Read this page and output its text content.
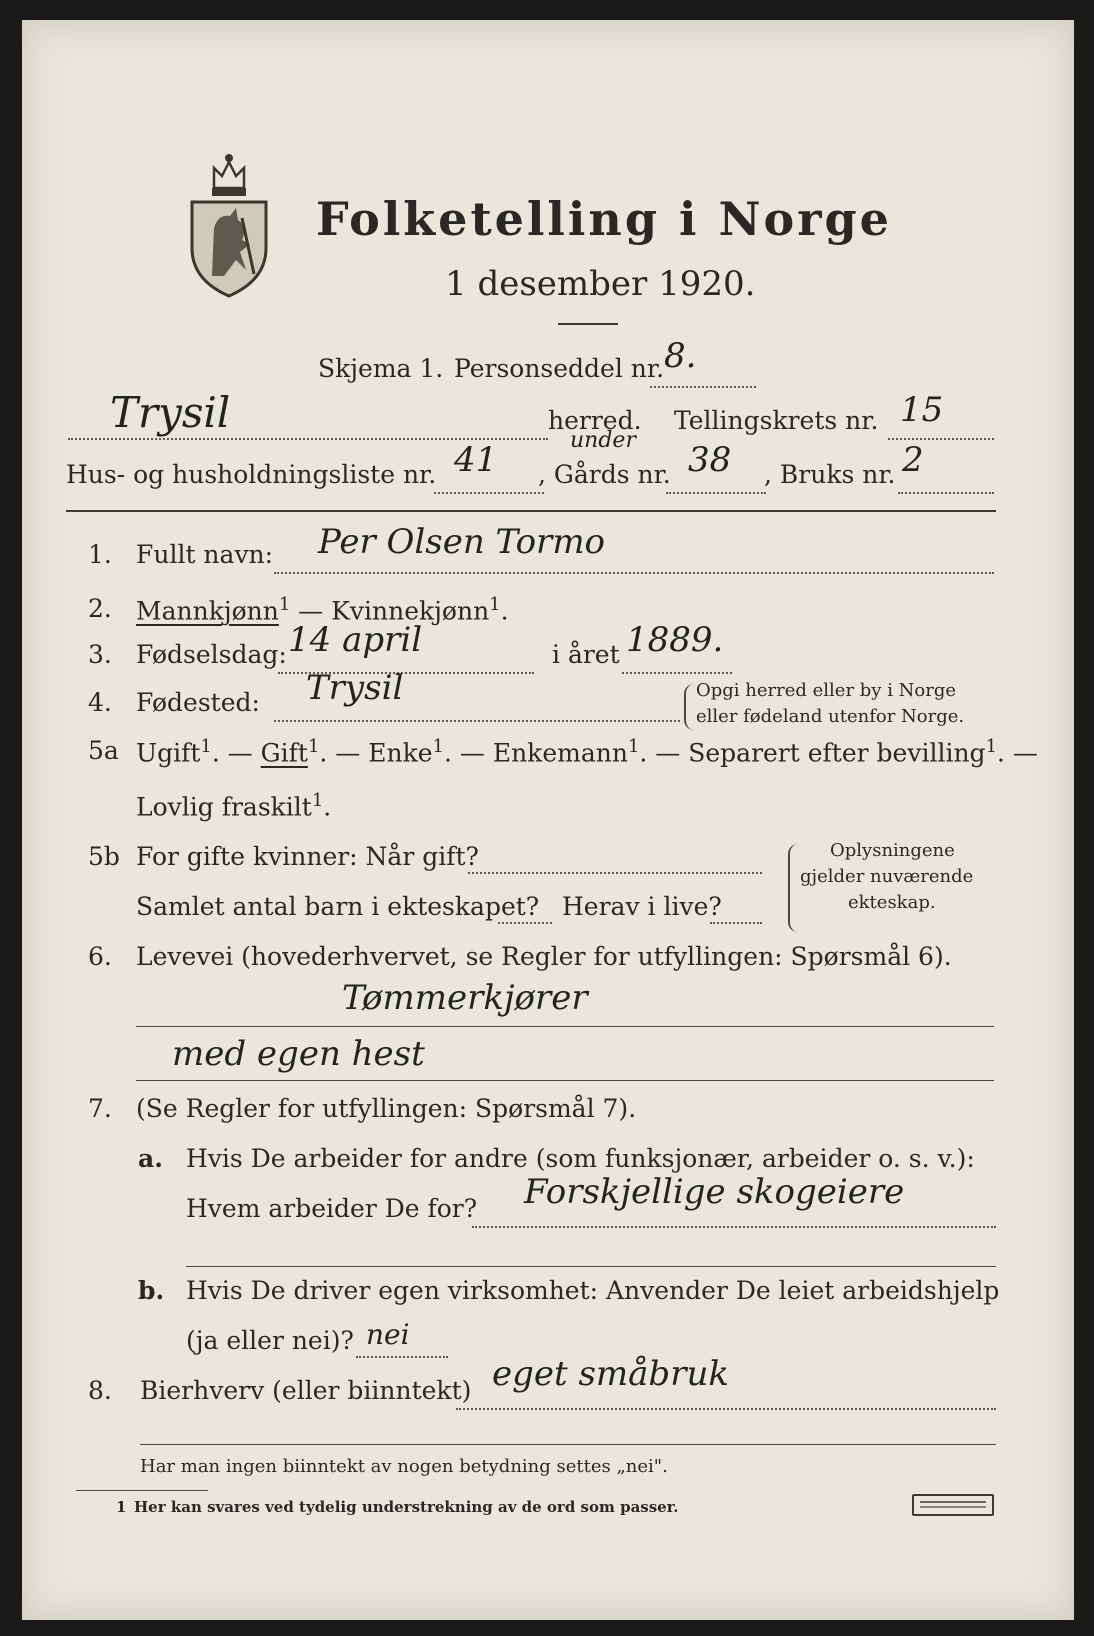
Folketelling i Norge
1 desember 1920.
Skjema 1. Personseddel nr. 8.
Trysil	herred. Tellingskrets nr. 15
Hus- og husholdningsliste nr. 41 , Gårds nr.
under 38 , Bruks nr. 2
1. Fullt navn: Per Olsen Tormo
2. Mannkjønn$^1$ — Kvinnekjønn$^1$.
3. Fødselsdag: 14 april	i året 1889.
4. Fødested: Trysil	Opgi herred eller by i Norge
eller fødeland utenfor Norge.
5a Ugift$^1$. — Gift$^1$. — Enke$^1$. — Enkemann$^1$. — Separert efter bevilling$^1$. —
Lovlig fraskilt$^1$.
5b For gifte kvinner: Når gift?
Samlet antal barn i ekteskapet? Herav i live?
Oplysningene
gjelder nuværende
ekteskap.
6. Levevei (hovederhvervet, se Regler for utfyllingen: Spørsmål 6).
Tømmerkjører
med egen hest
7. (Se Regler for utfyllingen: Spørsmål 7).
a. Hvis De arbeider for andre (som funksjonær, arbeider o. s. v.):
Hvem arbeider De for? Forskjellige skogeiere
b. Hvis De driver egen virksomhet: Anvender De leiet arbeidshjelp
(ja eller nei)? nei
8. Bierhverv (eller biinntekt) eget småbruk
Har man ingen biinntekt av nogen betydning settes „nei".
1 Her kan svares ved tydelig understrekning av de ord som passer.
